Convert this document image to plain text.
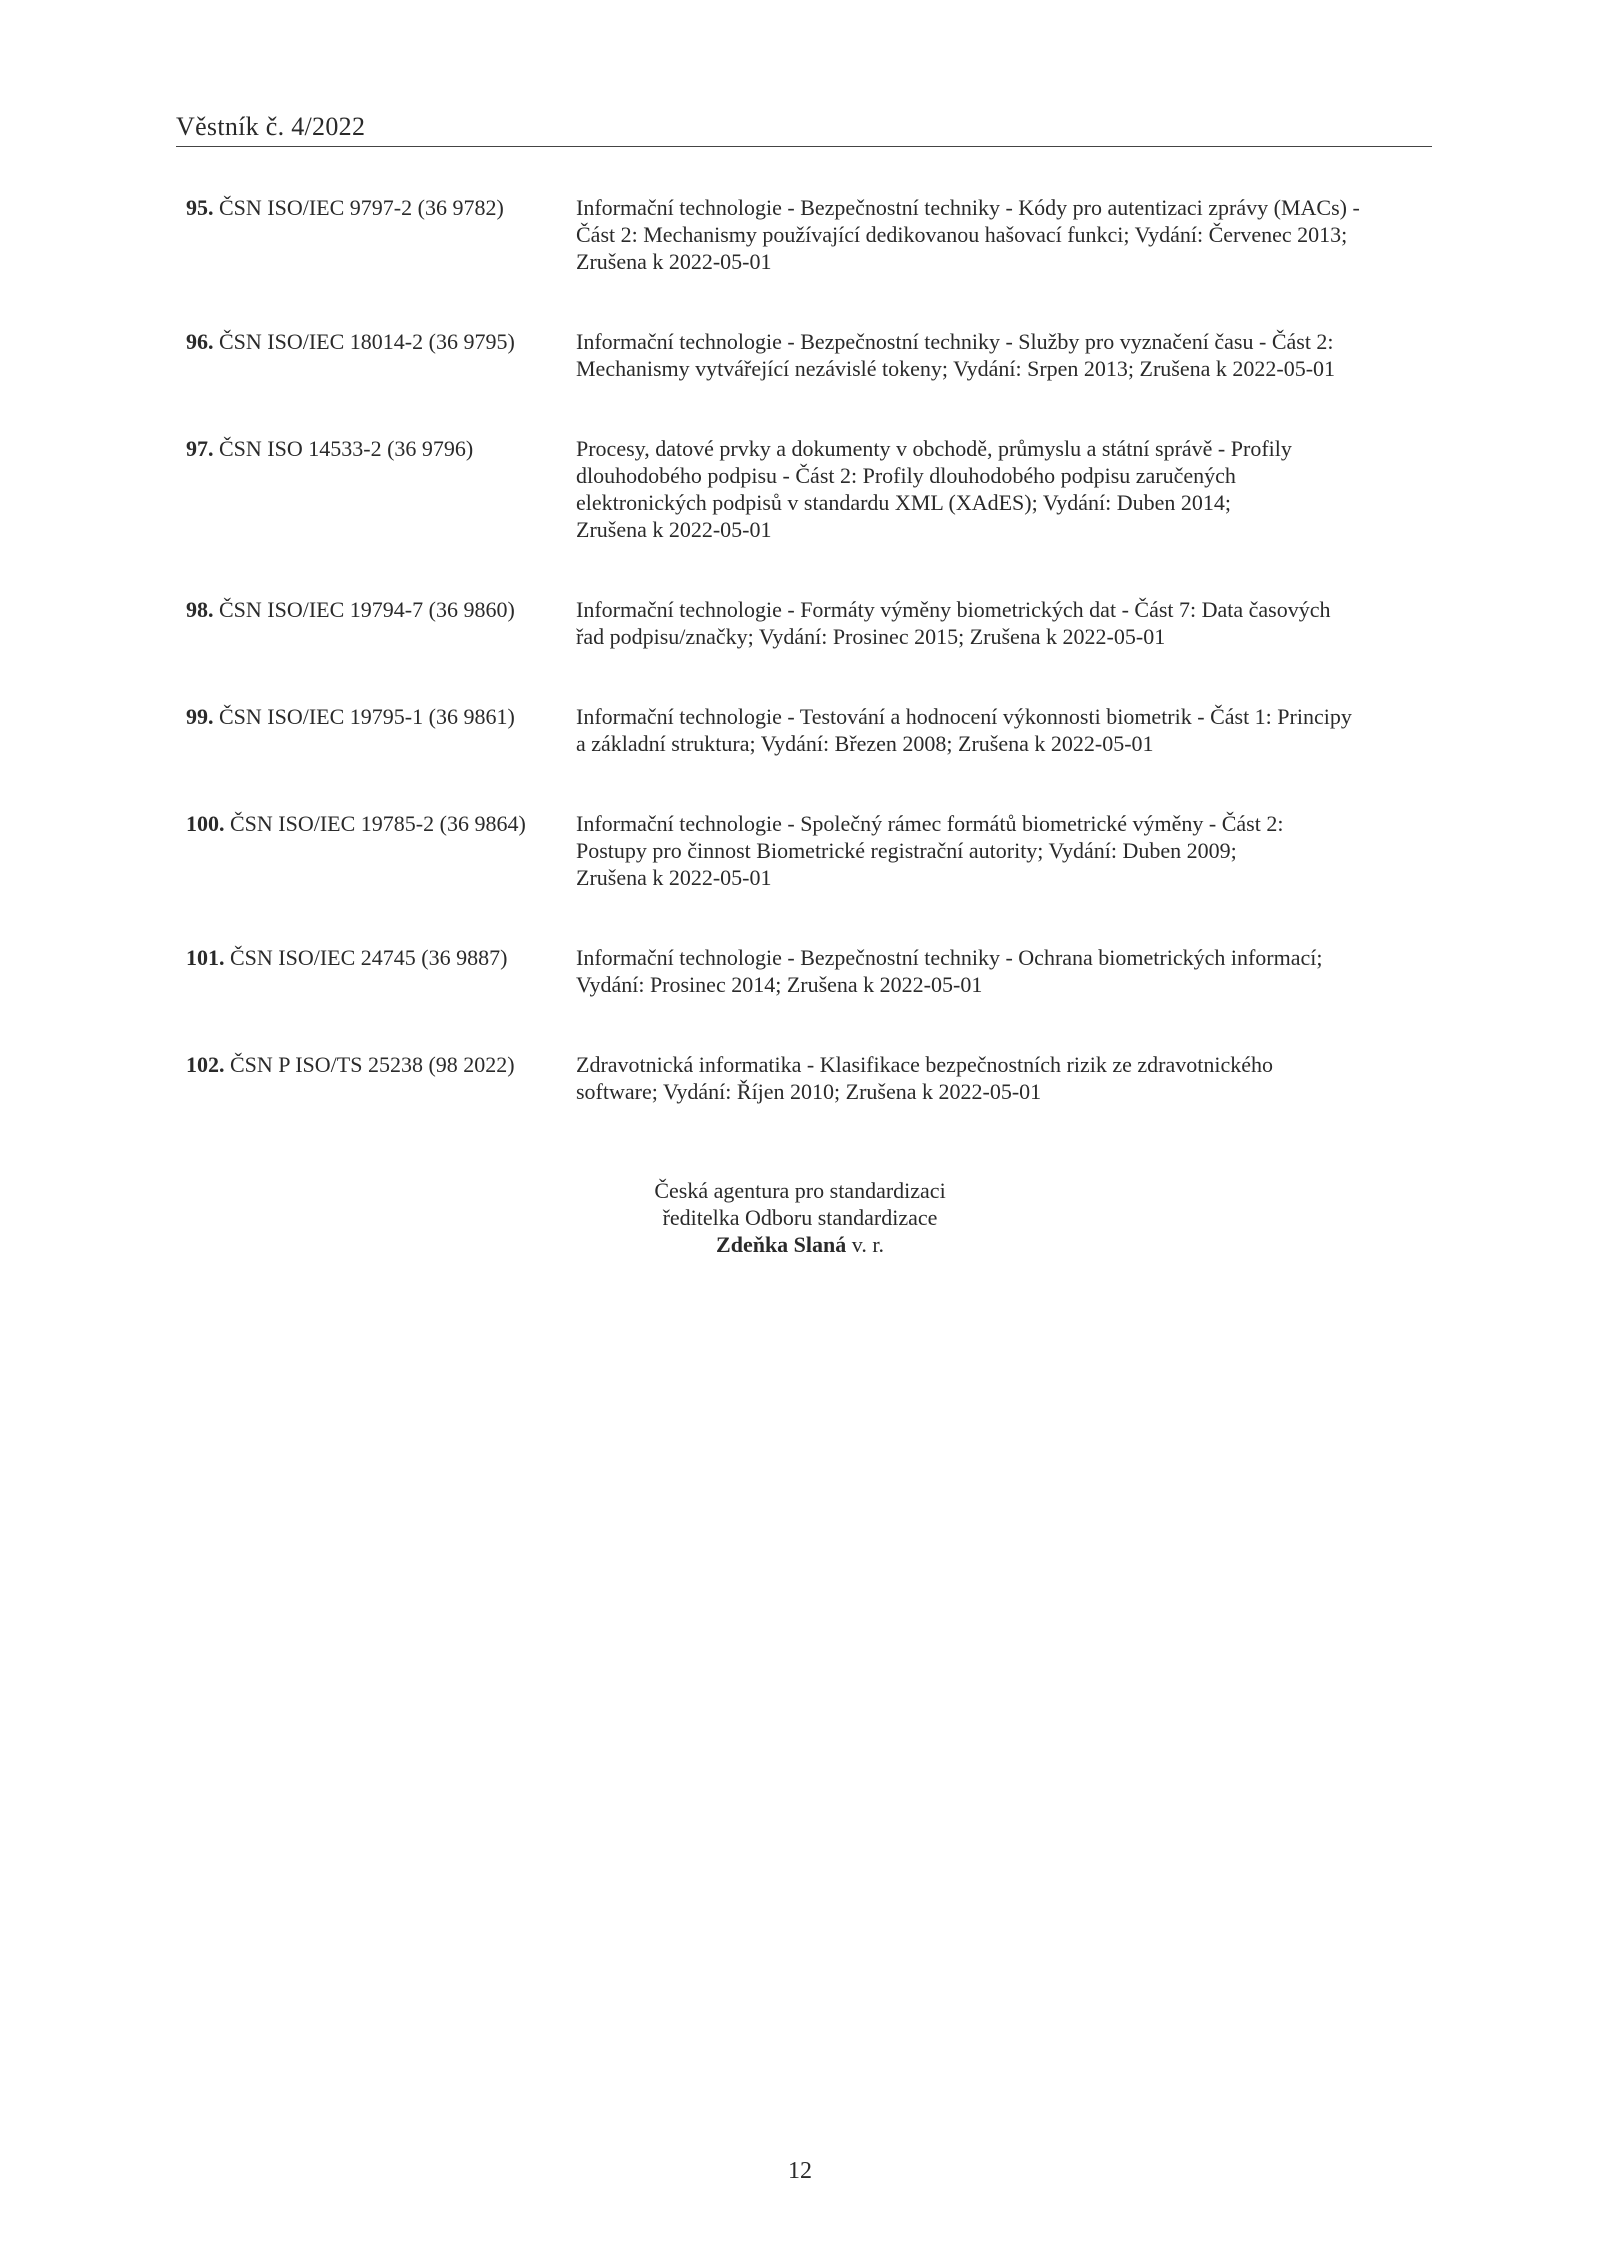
Věstník č. 4/2022
95. ČSN ISO/IEC 9797-2 (36 9782)	Informační technologie - Bezpečnostní techniky - Kódy pro autentizaci zprávy (MACs) -
Část 2: Mechanismy používající dedikovanou hašovací funkci; Vydání: Červenec 2013;
Zrušena k 2022-05-01
96. ČSN ISO/IEC 18014-2 (36 9795)	Informační technologie - Bezpečnostní techniky - Služby pro vyznačení času - Část 2:
Mechanismy vytvářející nezávislé tokeny; Vydání: Srpen 2013; Zrušena k 2022-05-01
97. ČSN ISO 14533-2 (36 9796)	Procesy, datové prvky a dokumenty v obchodě, průmyslu a státní správě - Profily
dlouhodobého podpisu - Část 2: Profily dlouhodobého podpisu zaručených
elektronických podpisů v standardu XML (XAdES); Vydání: Duben 2014;
Zrušena k 2022-05-01
98. ČSN ISO/IEC 19794-7 (36 9860)	Informační technologie - Formáty výměny biometrických dat - Část 7: Data časových
řad podpisu/značky; Vydání: Prosinec 2015; Zrušena k 2022-05-01
99. ČSN ISO/IEC 19795-1 (36 9861)	Informační technologie - Testování a hodnocení výkonnosti biometrik - Část 1: Principy
a základní struktura; Vydání: Březen 2008; Zrušena k 2022-05-01
100. ČSN ISO/IEC 19785-2 (36 9864)	Informační technologie - Společný rámec formátů biometrické výměny - Část 2:
Postupy pro činnost Biometrické registrační autority; Vydání: Duben 2009;
Zrušena k 2022-05-01
101. ČSN ISO/IEC 24745 (36 9887)	Informační technologie - Bezpečnostní techniky - Ochrana biometrických informací;
Vydání: Prosinec 2014; Zrušena k 2022-05-01
102. ČSN P ISO/TS 25238 (98 2022)	Zdravotnická informatika - Klasifikace bezpečnostních rizik ze zdravotnického
software; Vydání: Říjen 2010; Zrušena k 2022-05-01
Česká agentura pro standardizaci
ředitelka Odboru standardizace
Zdeňka Slaná v. r.
12
